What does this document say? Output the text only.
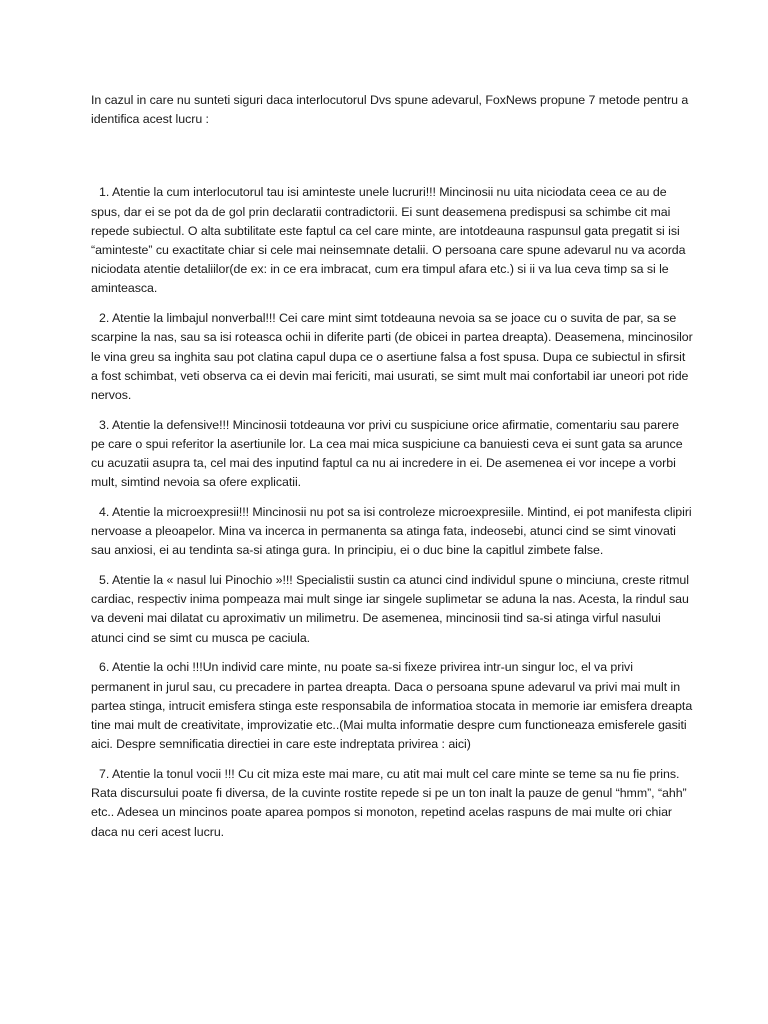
In cazul in care nu sunteti siguri daca interlocutorul Dvs spune adevarul, FoxNews propune 7 metode pentru a identifica acest lucru :

1. Atentie la cum interlocutorul tau isi aminteste unele lucruri!!! Mincinosii nu uita niciodata ceea ce au de spus, dar ei se pot da de gol prin declaratii contradictorii. Ei sunt deasemena predispusi sa schimbe cit mai repede subiectul. O alta subtilitate este faptul ca cel care minte, are intotdeauna raspunsul gata pregatit si isi “aminteste” cu exactitate chiar si cele mai neinsemnate detalii. O persoana care spune adevarul nu va acorda niciodata atentie detaliilor(de ex: in ce era imbracat, cum era timpul afara etc.) si ii va lua ceva timp sa si le aminteasca.

2. Atentie la limbajul nonverbal!!! Cei care mint simt totdeauna nevoia sa se joace cu o suvita de par, sa se scarpine la nas, sau sa isi roteasca ochii in diferite parti (de obicei in partea dreapta). Deasemena, mincinosilor le vina greu sa inghita sau pot clatina capul dupa ce o asertiune falsa a fost spusa. Dupa ce subiectul in sfirsit a fost schimbat, veti observa ca ei devin mai fericiti, mai usurati, se simt mult mai confortabil iar uneori pot ride nervos.

3. Atentie la defensive!!! Mincinosii totdeauna vor privi cu suspiciune orice afirmatie, comentariu sau parere pe care o spui referitor la asertiunile lor. La cea mai mica suspiciune ca banuiesti ceva ei sunt gata sa arunce cu acuzatii asupra ta, cel mai des inputind faptul ca nu ai incredere in ei. De asemenea ei vor incepe a vorbi mult, simtind nevoia sa ofere explicatii.

4. Atentie la microexpresii!!! Mincinosii nu pot sa isi controleze microexpresiile. Mintind, ei pot manifesta clipiri nervoase a pleoapelor. Mina va incerca in permanenta sa atinga fata, indeosebi, atunci cind se simt vinovati sau anxiosi, ei au tendinta sa-si atinga gura. In principiu, ei o duc bine la capitlul zimbete false.

5. Atentie la « nasul lui Pinochio »!!! Specialistii sustin ca atunci cind individul spune o minciuna, creste ritmul cardiac, respectiv inima pompeaza mai mult singe iar singele suplimetar se aduna la nas. Acesta, la rindul sau va deveni mai dilatat cu aproximativ un milimetru. De asemenea, mincinosii tind sa-si atinga virful nasului atunci cind se simt cu musca pe caciula.

6. Atentie la ochi !!!Un individ care minte, nu poate sa-si fixeze privirea intr-un singur loc, el va privi permanent in jurul sau, cu precadere in partea dreapta. Daca o persoana spune adevarul va privi mai mult in partea stinga, intrucit emisfera stinga este responsabila de informatioa stocata in memorie iar emisfera dreapta tine mai mult de creativitate, improvizatie etc..(Mai multa informatie despre cum functioneaza emisferele gasiti aici. Despre semnificatia directiei in care este indreptata privirea : aici)

7. Atentie la tonul vocii !!! Cu cit miza este mai mare, cu atit mai mult cel care minte se teme sa nu fie prins. Rata discursului poate fi diversa, de la cuvinte rostite repede si pe un ton inalt la pauze de genul “hmm”, “ahh” etc.. Adesea un mincinos poate aparea pompos si monoton, repetind acelas raspuns de mai multe ori chiar daca nu ceri acest lucru.
